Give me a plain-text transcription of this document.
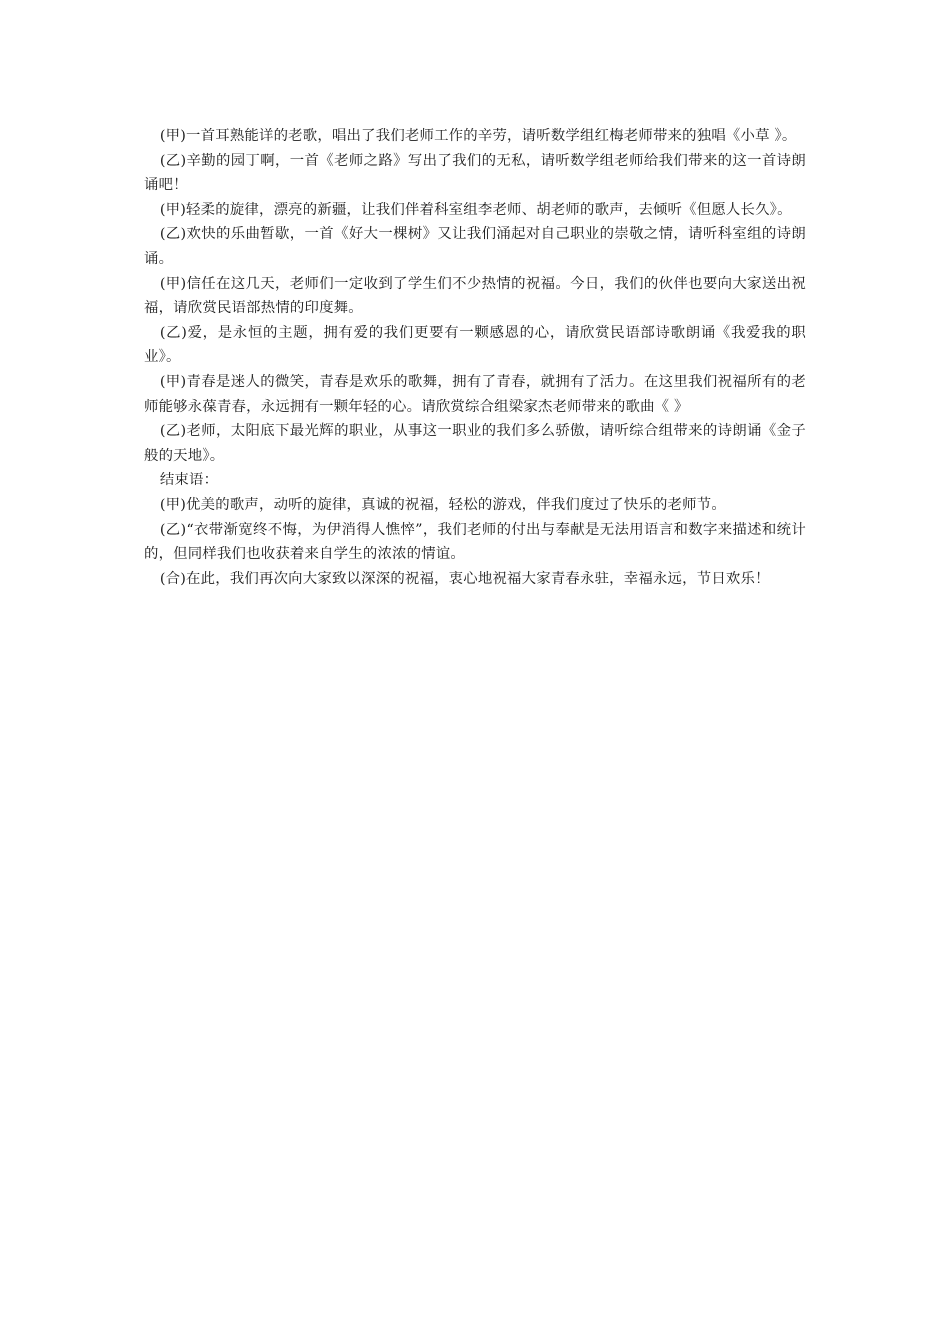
(甲)一首耳熟能详的老歌，唱出了我们老师工作的辛劳，请听数学组红梅老师带来的独唱《小草 》。

(乙)辛勤的园丁啊，一首《老师之路》写出了我们的无私，请听数学组老师给我们带来的这一首诗朗诵吧！

(甲)轻柔的旋律，漂亮的新疆，让我们伴着科室组李老师、胡老师的歌声，去倾听《但愿人长久》。

(乙)欢快的乐曲暂歇，一首《好大一棵树》又让我们涌起对自己职业的崇敬之情，请听科室组的诗朗诵。

(甲)信任在这几天，老师们一定收到了学生们不少热情的祝福。今日，我们的伙伴也要向大家送出祝福，请欣赏民语部热情的印度舞。

(乙)爱，是永恒的主题，拥有爱的我们更要有一颗感恩的心，请欣赏民语部诗歌朗诵《我爱我的职业》。

(甲)青春是迷人的微笑，青春是欢乐的歌舞，拥有了青春，就拥有了活力。在这里我们祝福所有的老师能够永葆青春，永远拥有一颗年轻的心。请欣赏综合组梁家杰老师带来的歌曲《 》

(乙)老师，太阳底下最光辉的职业，从事这一职业的我们多么骄傲，请听综合组带来的诗朗诵《金子般的天地》。

结束语：

(甲)优美的歌声，动听的旋律，真诚的祝福，轻松的游戏，伴我们度过了快乐的老师节。

(乙)“衣带渐宽终不悔，为伊消得人憔悴”，我们老师的付出与奉献是无法用语言和数字来描述和统计的，但同样我们也收获着来自学生的浓浓的情谊。

(合)在此，我们再次向大家致以深深的祝福，衷心地祝福大家青春永驻，幸福永远，节日欢乐！
